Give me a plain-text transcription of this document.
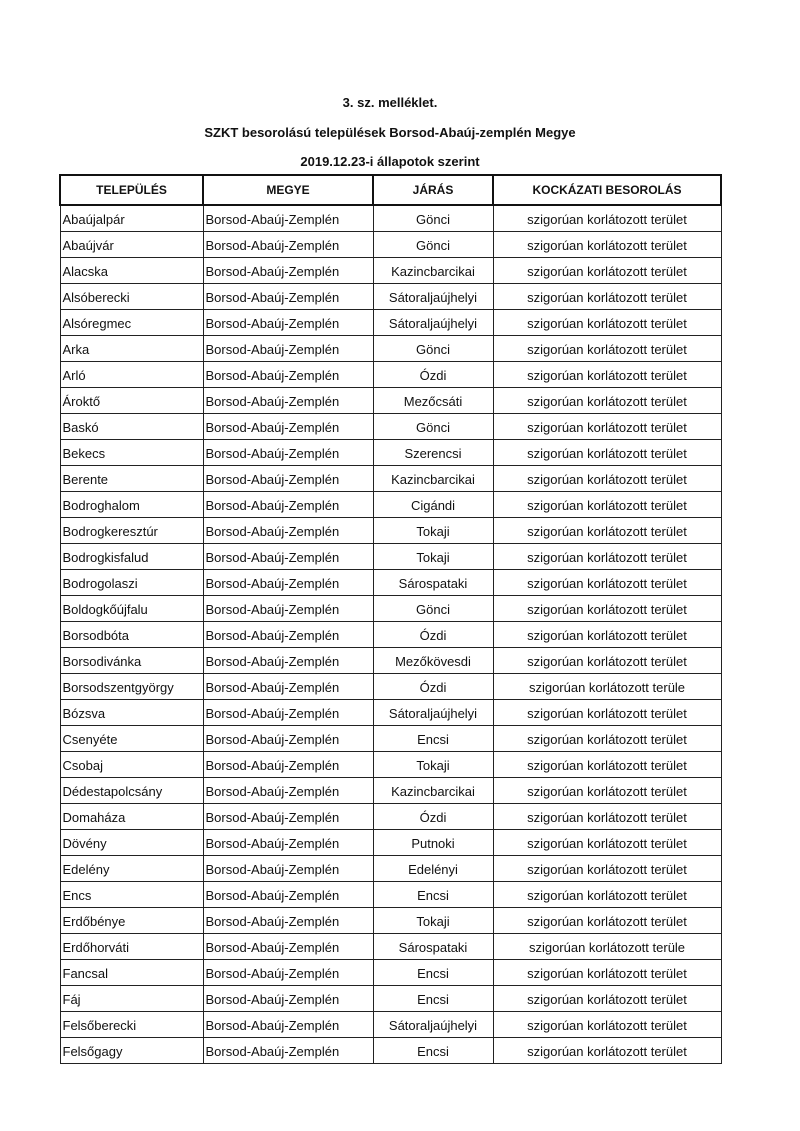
3. sz. melléklet.
SZKT besorolású települések Borsod-Abaúj-zemplén Megye
2019.12.23-i állapotok szerint
TELEPÜLÉS	MEGYE	JÁRÁS	KOCKÁZATI BESOROLÁS
Abaújalpár	Borsod-Abaúj-Zemplén	Gönci	szigorúan korlátozott terület
Abaújvár	Borsod-Abaúj-Zemplén	Gönci	szigorúan korlátozott terület
Alacska	Borsod-Abaúj-Zemplén	Kazincbarcikai	szigorúan korlátozott terület
Alsóberecki	Borsod-Abaúj-Zemplén	Sátoraljaújhelyi	szigorúan korlátozott terület
Alsóregmec	Borsod-Abaúj-Zemplén	Sátoraljaújhelyi	szigorúan korlátozott terület
Arka	Borsod-Abaúj-Zemplén	Gönci	szigorúan korlátozott terület
Arló	Borsod-Abaúj-Zemplén	Ózdi	szigorúan korlátozott terület
Ároktő	Borsod-Abaúj-Zemplén	Mezőcsáti	szigorúan korlátozott terület
Baskó	Borsod-Abaúj-Zemplén	Gönci	szigorúan korlátozott terület
Bekecs	Borsod-Abaúj-Zemplén	Szerencsi	szigorúan korlátozott terület
Berente	Borsod-Abaúj-Zemplén	Kazincbarcikai	szigorúan korlátozott terület
Bodroghalom	Borsod-Abaúj-Zemplén	Cigándi	szigorúan korlátozott terület
Bodrogkeresztúr	Borsod-Abaúj-Zemplén	Tokaji	szigorúan korlátozott terület
Bodrogkisfalud	Borsod-Abaúj-Zemplén	Tokaji	szigorúan korlátozott terület
Bodrogolaszi	Borsod-Abaúj-Zemplén	Sárospataki	szigorúan korlátozott terület
Boldogkőújfalu	Borsod-Abaúj-Zemplén	Gönci	szigorúan korlátozott terület
Borsodbóta	Borsod-Abaúj-Zemplén	Ózdi	szigorúan korlátozott terület
Borsodivánka	Borsod-Abaúj-Zemplén	Mezőkövesdi	szigorúan korlátozott terület
Borsodszentgyörgy	Borsod-Abaúj-Zemplén	Ózdi	szigorúan korlátozott terüle
Bózsva	Borsod-Abaúj-Zemplén	Sátoraljaújhelyi	szigorúan korlátozott terület
Csenyéte	Borsod-Abaúj-Zemplén	Encsi	szigorúan korlátozott terület
Csobaj	Borsod-Abaúj-Zemplén	Tokaji	szigorúan korlátozott terület
Dédestapolcsány	Borsod-Abaúj-Zemplén	Kazincbarcikai	szigorúan korlátozott terület
Domaháza	Borsod-Abaúj-Zemplén	Ózdi	szigorúan korlátozott terület
Dövény	Borsod-Abaúj-Zemplén	Putnoki	szigorúan korlátozott terület
Edelény	Borsod-Abaúj-Zemplén	Edelényi	szigorúan korlátozott terület
Encs	Borsod-Abaúj-Zemplén	Encsi	szigorúan korlátozott terület
Erdőbénye	Borsod-Abaúj-Zemplén	Tokaji	szigorúan korlátozott terület
Erdőhorváti	Borsod-Abaúj-Zemplén	Sárospataki	szigorúan korlátozott terüle
Fancsal	Borsod-Abaúj-Zemplén	Encsi	szigorúan korlátozott terület
Fáj	Borsod-Abaúj-Zemplén	Encsi	szigorúan korlátozott terület
Felsőberecki	Borsod-Abaúj-Zemplén	Sátoraljaújhelyi	szigorúan korlátozott terület
Felsőgagy	Borsod-Abaúj-Zemplén	Encsi	szigorúan korlátozott terület
